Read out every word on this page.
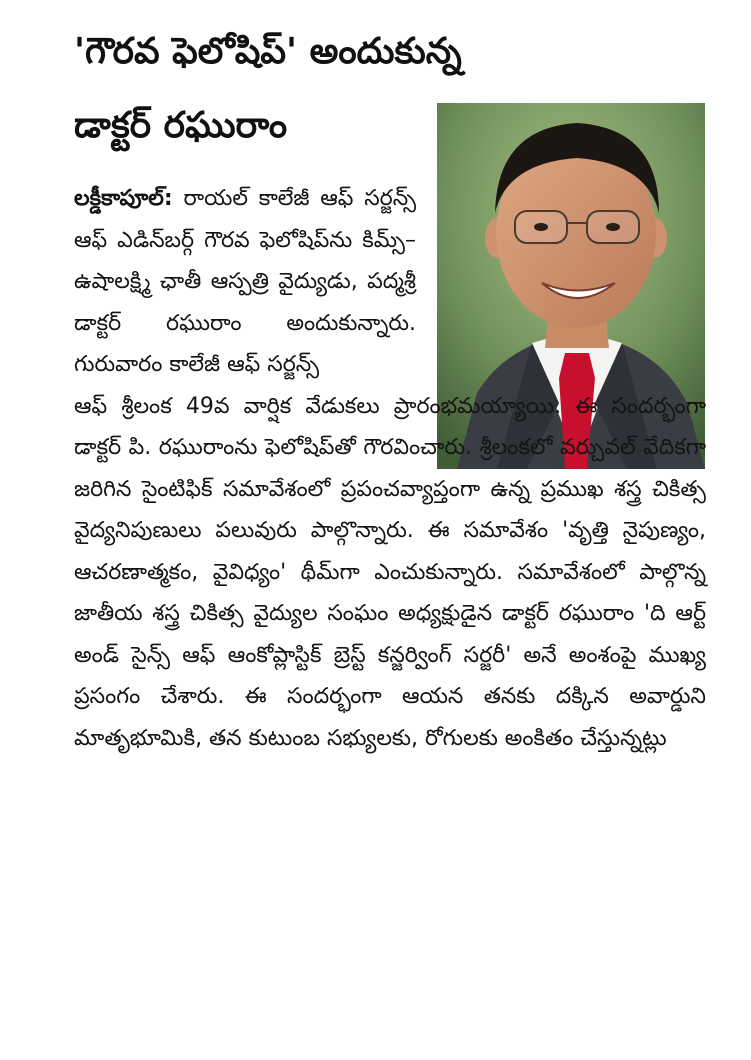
'గౌరవ ఫెలోషిప్' అందుకున్న
డాక్టర్ రఘురాం

లక్డీకాపూల్: రాయల్ కాలేజీ ఆఫ్ సర్జన్స్ ఆఫ్ ఎడిన్‌బర్గ్ గౌరవ ఫెలోషిప్‌ను కిమ్స్–ఉషాలక్ష్మి ఛాతీ ఆస్పత్రి వైద్యుడు, పద్మశ్రీ డాక్టర్ రఘురాం అందుకున్నారు. గురువారం కాలేజీ ఆఫ్ సర్జన్స్

ఆఫ్ శ్రీలంక 49వ వార్షిక వేడుకలు ప్రారంభమయ్యాయి. ఈ సందర్భంగా డాక్టర్ పి. రఘురాంను ఫెలోషిప్‌తో గౌరవించారు. శ్రీలంకలో వర్చువల్ వేదికగా జరిగిన సైంటిఫిక్ సమావేశంలో ప్రపంచవ్యాప్తంగా ఉన్న ప్రముఖ శస్త్ర చికిత్స వైద్యనిపుణులు పలువురు పాల్గొన్నారు. ఈ సమావేశం 'వృత్తి నైపుణ్యం, ఆచరణాత్మకం, వైవిధ్యం' థీమ్‌గా ఎంచుకున్నారు. సమావేశంలో పాల్గొన్న జాతీయ శస్త్ర చికిత్స వైద్యుల సంఘం అధ్యక్షుడైన డాక్టర్ రఘురాం 'ది ఆర్ట్ అండ్ సైన్స్ ఆఫ్ ఆంకోప్లాస్టిక్ బ్రెస్ట్ కన్జర్వింగ్ సర్జరీ' అనే అంశంపై ముఖ్య ప్రసంగం చేశారు. ఈ సందర్భంగా ఆయన తనకు దక్కిన అవార్డుని మాతృభూమికి, తన కుటుంబ సభ్యులకు, రోగులకు అంకితం చేస్తున్నట్లు
